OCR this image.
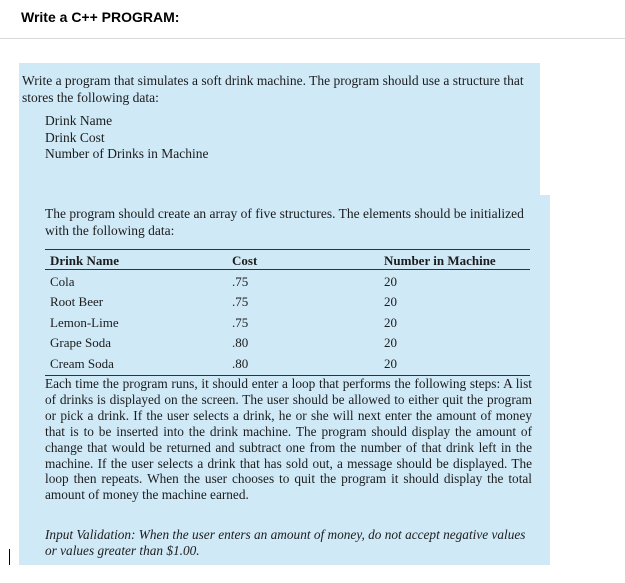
Write a C++ PROGRAM:
Write a program that simulates a soft drink machine. The program should use a structure that stores the following data:
Drink Name
Drink Cost
Number of Drinks in Machine
The program should create an array of five structures. The elements should be initialized with the following data:
Drink Name	Cost	Number in Machine
Cola	.75	20
Root Beer	.75	20
Lemon-Lime	.75	20
Grape Soda	.80	20
Cream Soda	.80	20
Each time the program runs, it should enter a loop that performs the following steps: A list of drinks is displayed on the screen. The user should be allowed to either quit the program or pick a drink. If the user selects a drink, he or she will next enter the amount of money that is to be inserted into the drink machine. The program should display the amount of change that would be returned and subtract one from the number of that drink left in the machine. If the user selects a drink that has sold out, a message should be displayed. The loop then repeats. When the user chooses to quit the program it should display the total amount of money the machine earned.
Input Validation: When the user enters an amount of money, do not accept negative values or values greater than $1.00.
